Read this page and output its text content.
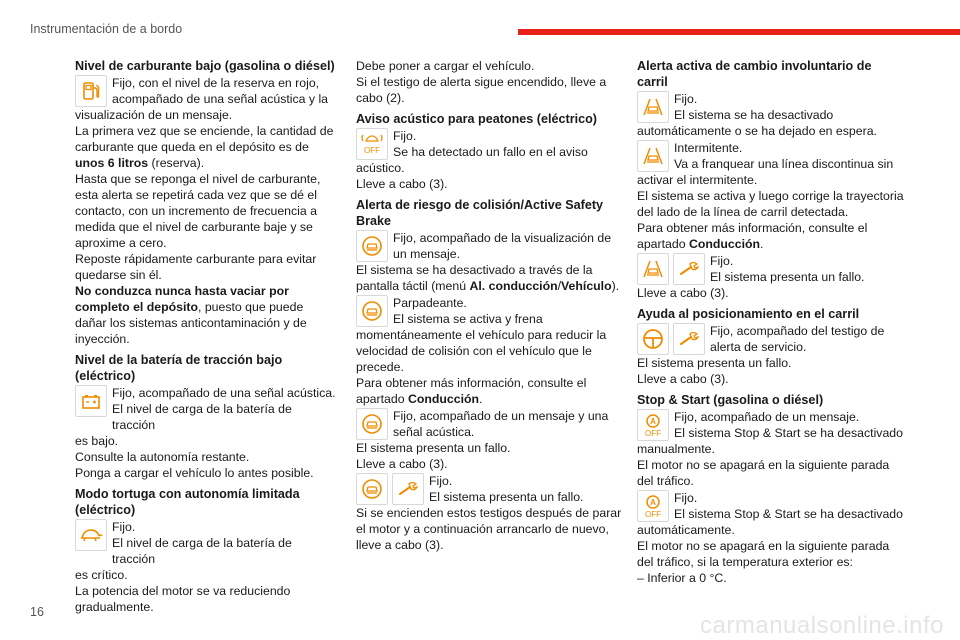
Instrumentación de a bordo
Nivel de carburante bajo (gasolina o diésel)
Fijo, con el nivel de la reserva en rojo,
acompañado de una señal acústica y la

visualización de un mensaje.

La primera vez que se enciende, la cantidad de carburante que queda en el depósito es de unos 6 litros (reserva).

Hasta que se reponga el nivel de carburante, esta alerta se repetirá cada vez que se dé el contacto, con un incremento de frecuencia a medida que el nivel de carburante baje y se aproxime a cero.

Reposte rápidamente carburante para evitar quedarse sin él.

No conduzca nunca hasta vaciar por completo el depósito, puesto que puede dañar los sistemas anticontaminación y de inyección.

Nivel de la batería de tracción bajo (eléctrico)
Fijo, acompañado de una señal acústica.
El nivel de carga de la batería de tracción

es bajo.

Consulte la autonomía restante.

Ponga a cargar el vehículo lo antes posible.

Modo tortuga con autonomía limitada (eléctrico)
Fijo.
El nivel de carga de la batería de tracción

es crítico.

La potencia del motor se va reduciendo gradualmente.

Debe poner a cargar el vehículo.

Si el testigo de alerta sigue encendido, lleve a cabo (2).

Aviso acústico para peatones (eléctrico)
OFF
Fijo.
Se ha detectado un fallo en el aviso

acústico.

Lleve a cabo (3).

Alerta de riesgo de colisión/Active Safety Brake
Fijo, acompañado de la visualización de
un mensaje.

El sistema se ha desactivado a través de la pantalla táctil (menú Al. conducción/Vehículo).

Parpadeante.
El sistema se activa y frena

momentáneamente el vehículo para reducir la velocidad de colisión con el vehículo que le precede.

Para obtener más información, consulte el apartado Conducción.

Fijo, acompañado de un mensaje y una
señal acústica.

El sistema presenta un fallo.

Lleve a cabo (3).

Fijo.
El sistema presenta un fallo.

Si se encienden estos testigos después de parar el motor y a continuación arrancarlo de nuevo, lleve a cabo (3).

Alerta activa de cambio involuntario de carril
Fijo.
El sistema se ha desactivado

automáticamente o se ha dejado en espera.

Intermitente.
Va a franquear una línea discontinua sin

activar el intermitente.

El sistema se activa y luego corrige la trayectoria del lado de la línea de carril detectada.

Para obtener más información, consulte el apartado Conducción.

Fijo.
El sistema presenta un fallo.

Lleve a cabo (3).

Ayuda al posicionamiento en el carril
Fijo, acompañado del testigo de
alerta de servicio.

El sistema presenta un fallo.

Lleve a cabo (3).

Stop & Start (gasolina o diésel)
A
OFF
Fijo, acompañado de un mensaje.
El sistema Stop & Start se ha desactivado

manualmente.

El motor no se apagará en la siguiente parada del tráfico.

A
OFF
Fijo.
El sistema Stop & Start se ha desactivado

automáticamente.

El motor no se apagará en la siguiente parada del tráfico, si la temperatura exterior es:

– Inferior a 0 °C.

16	carmanualsonline.info
